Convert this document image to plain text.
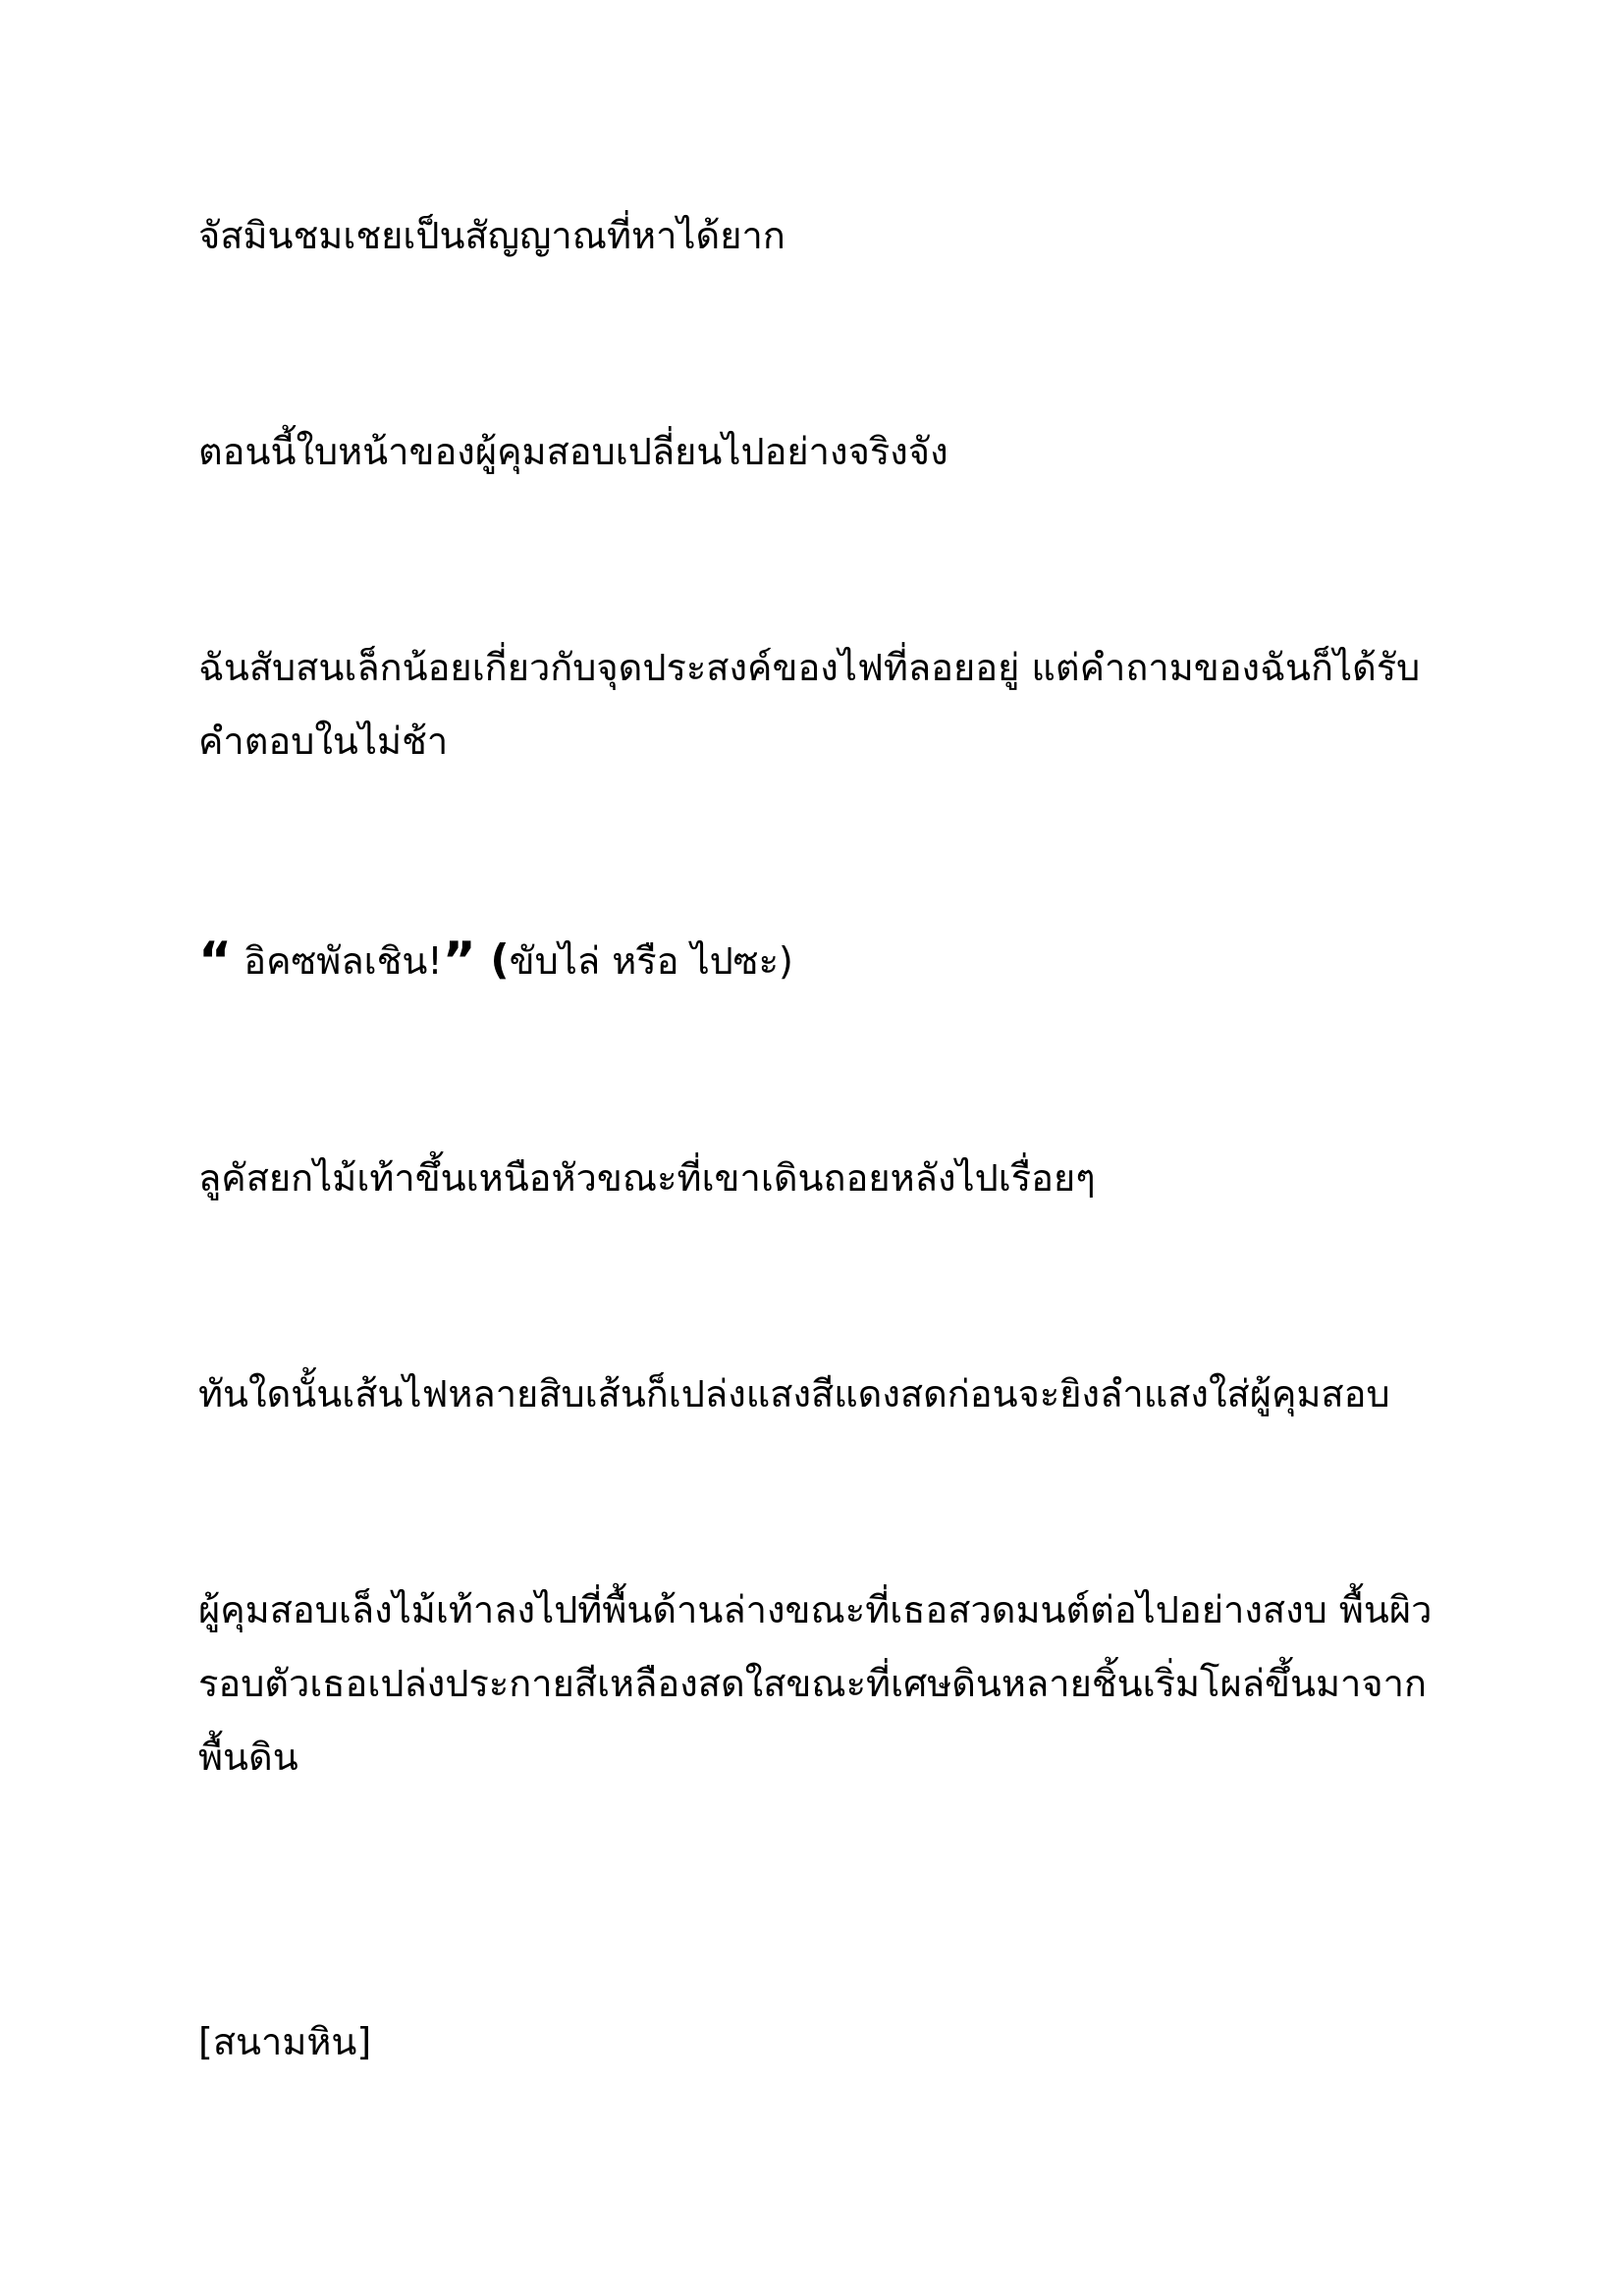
จัสมินชมเชยเป็นสัญญาณที่หาได้ยาก

ตอนนี้ใบหน้าของผู้คุมสอบเปลี่ยนไปอย่างจริงจัง

ฉันสับสนเล็กน้อยเกี่ยวกับจุดประสงค์ของไฟที่ลอยอยู่ แต่คำถามของฉันก็ได้รับ
คำตอบในไม่ช้า

“ อิคซพัลเชิน!” (ขับไล่ หรือ ไปซะ)

ลูคัสยกไม้เท้าขึ้นเหนือหัวขณะที่เขาเดินถอยหลังไปเรื่อยๆ

ทันใดนั้นเส้นไฟหลายสิบเส้นก็เปล่งแสงสีแดงสดก่อนจะยิงลำแสงใส่ผู้คุมสอบ

ผู้คุมสอบเล็งไม้เท้าลงไปที่พื้นด้านล่างขณะที่เธอสวดมนต์ต่อไปอย่างสงบ พื้นผิว
รอบตัวเธอเปล่งประกายสีเหลืองสดใสขณะที่เศษดินหลายชิ้นเริ่มโผล่ขึ้นมาจาก
พื้นดิน

[สนามหิน]
